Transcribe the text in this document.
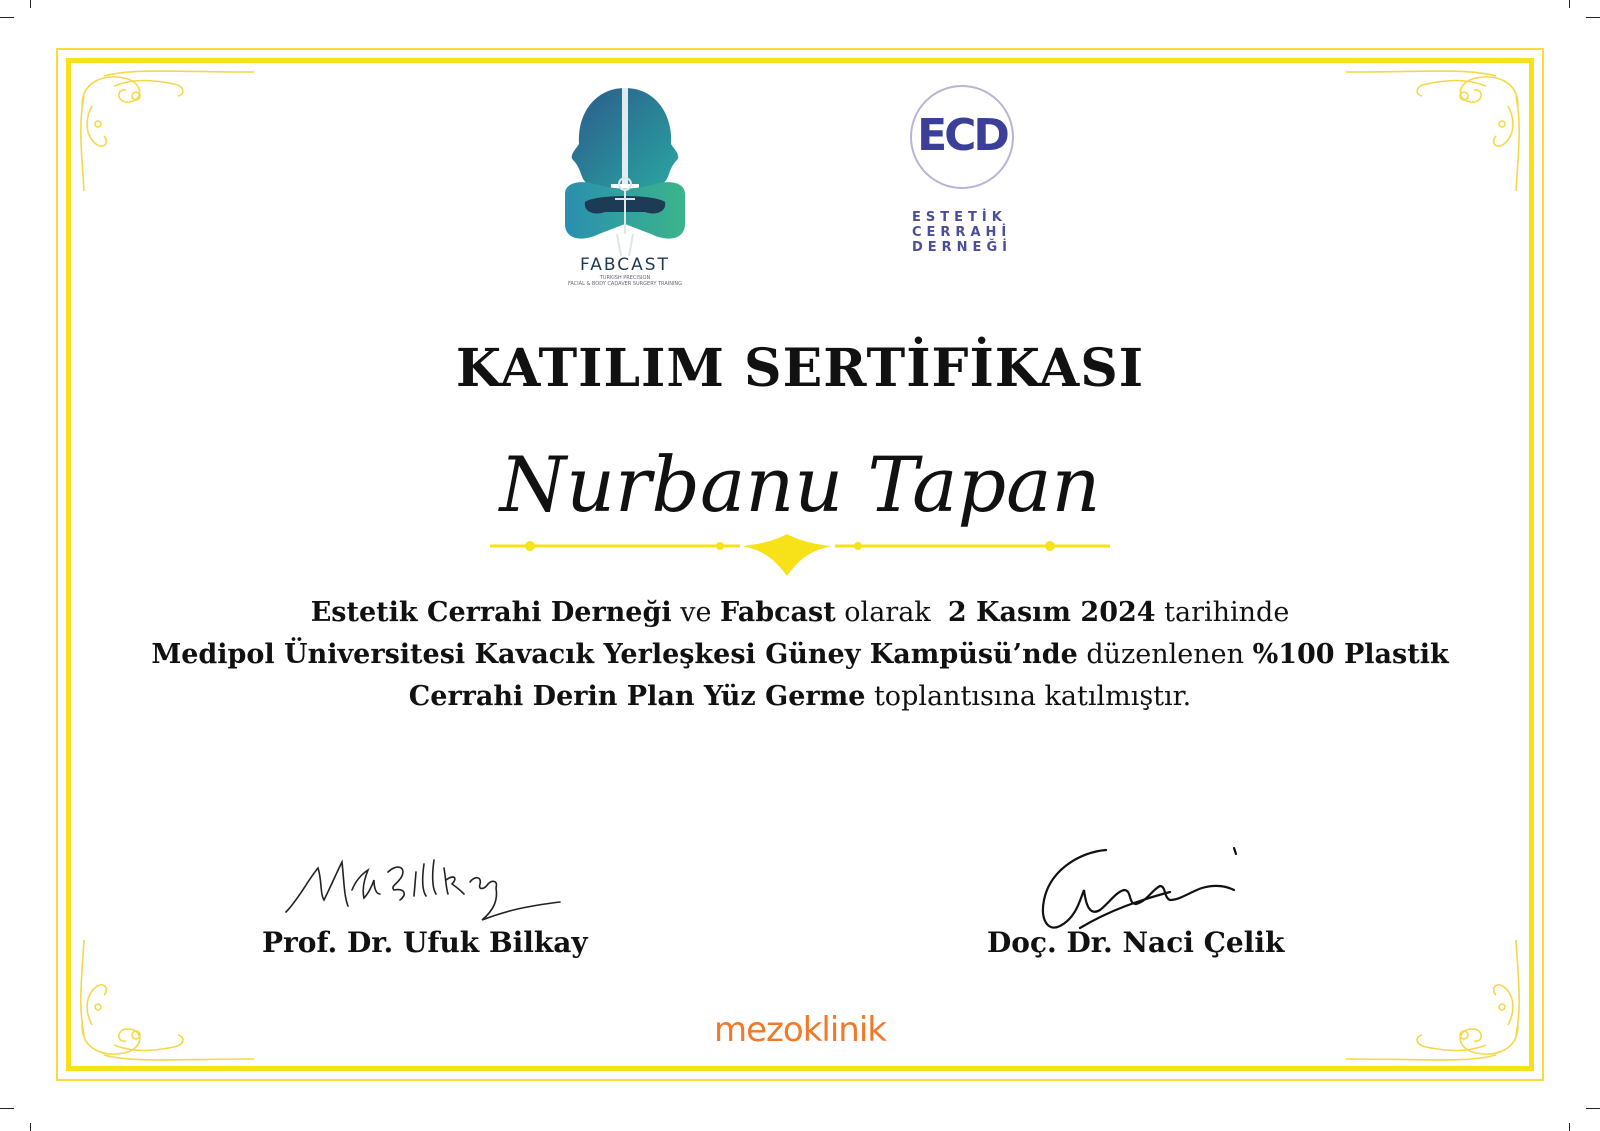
FABCAST
TURKISH PRECISION
FACIAL & BODY CADAVER SURGERY TRAINING
ECD
ESTETİK
CERRAHİ
DERNEĞİ
KATILIM SERTİFİKASI
Nurbanu Tapan
Estetik Cerrahi Derneği ve Fabcast olarak  2 Kasım 2024 tarihinde
Medipol Üniversitesi Kavacık Yerleşkesi Güney Kampüsü’nde düzenlenen %100 Plastik
Cerrahi Derin Plan Yüz Germe toplantısına katılmıştır.
Prof. Dr. Ufuk Bilkay	Doç. Dr. Naci Çelik
mezoklinik
